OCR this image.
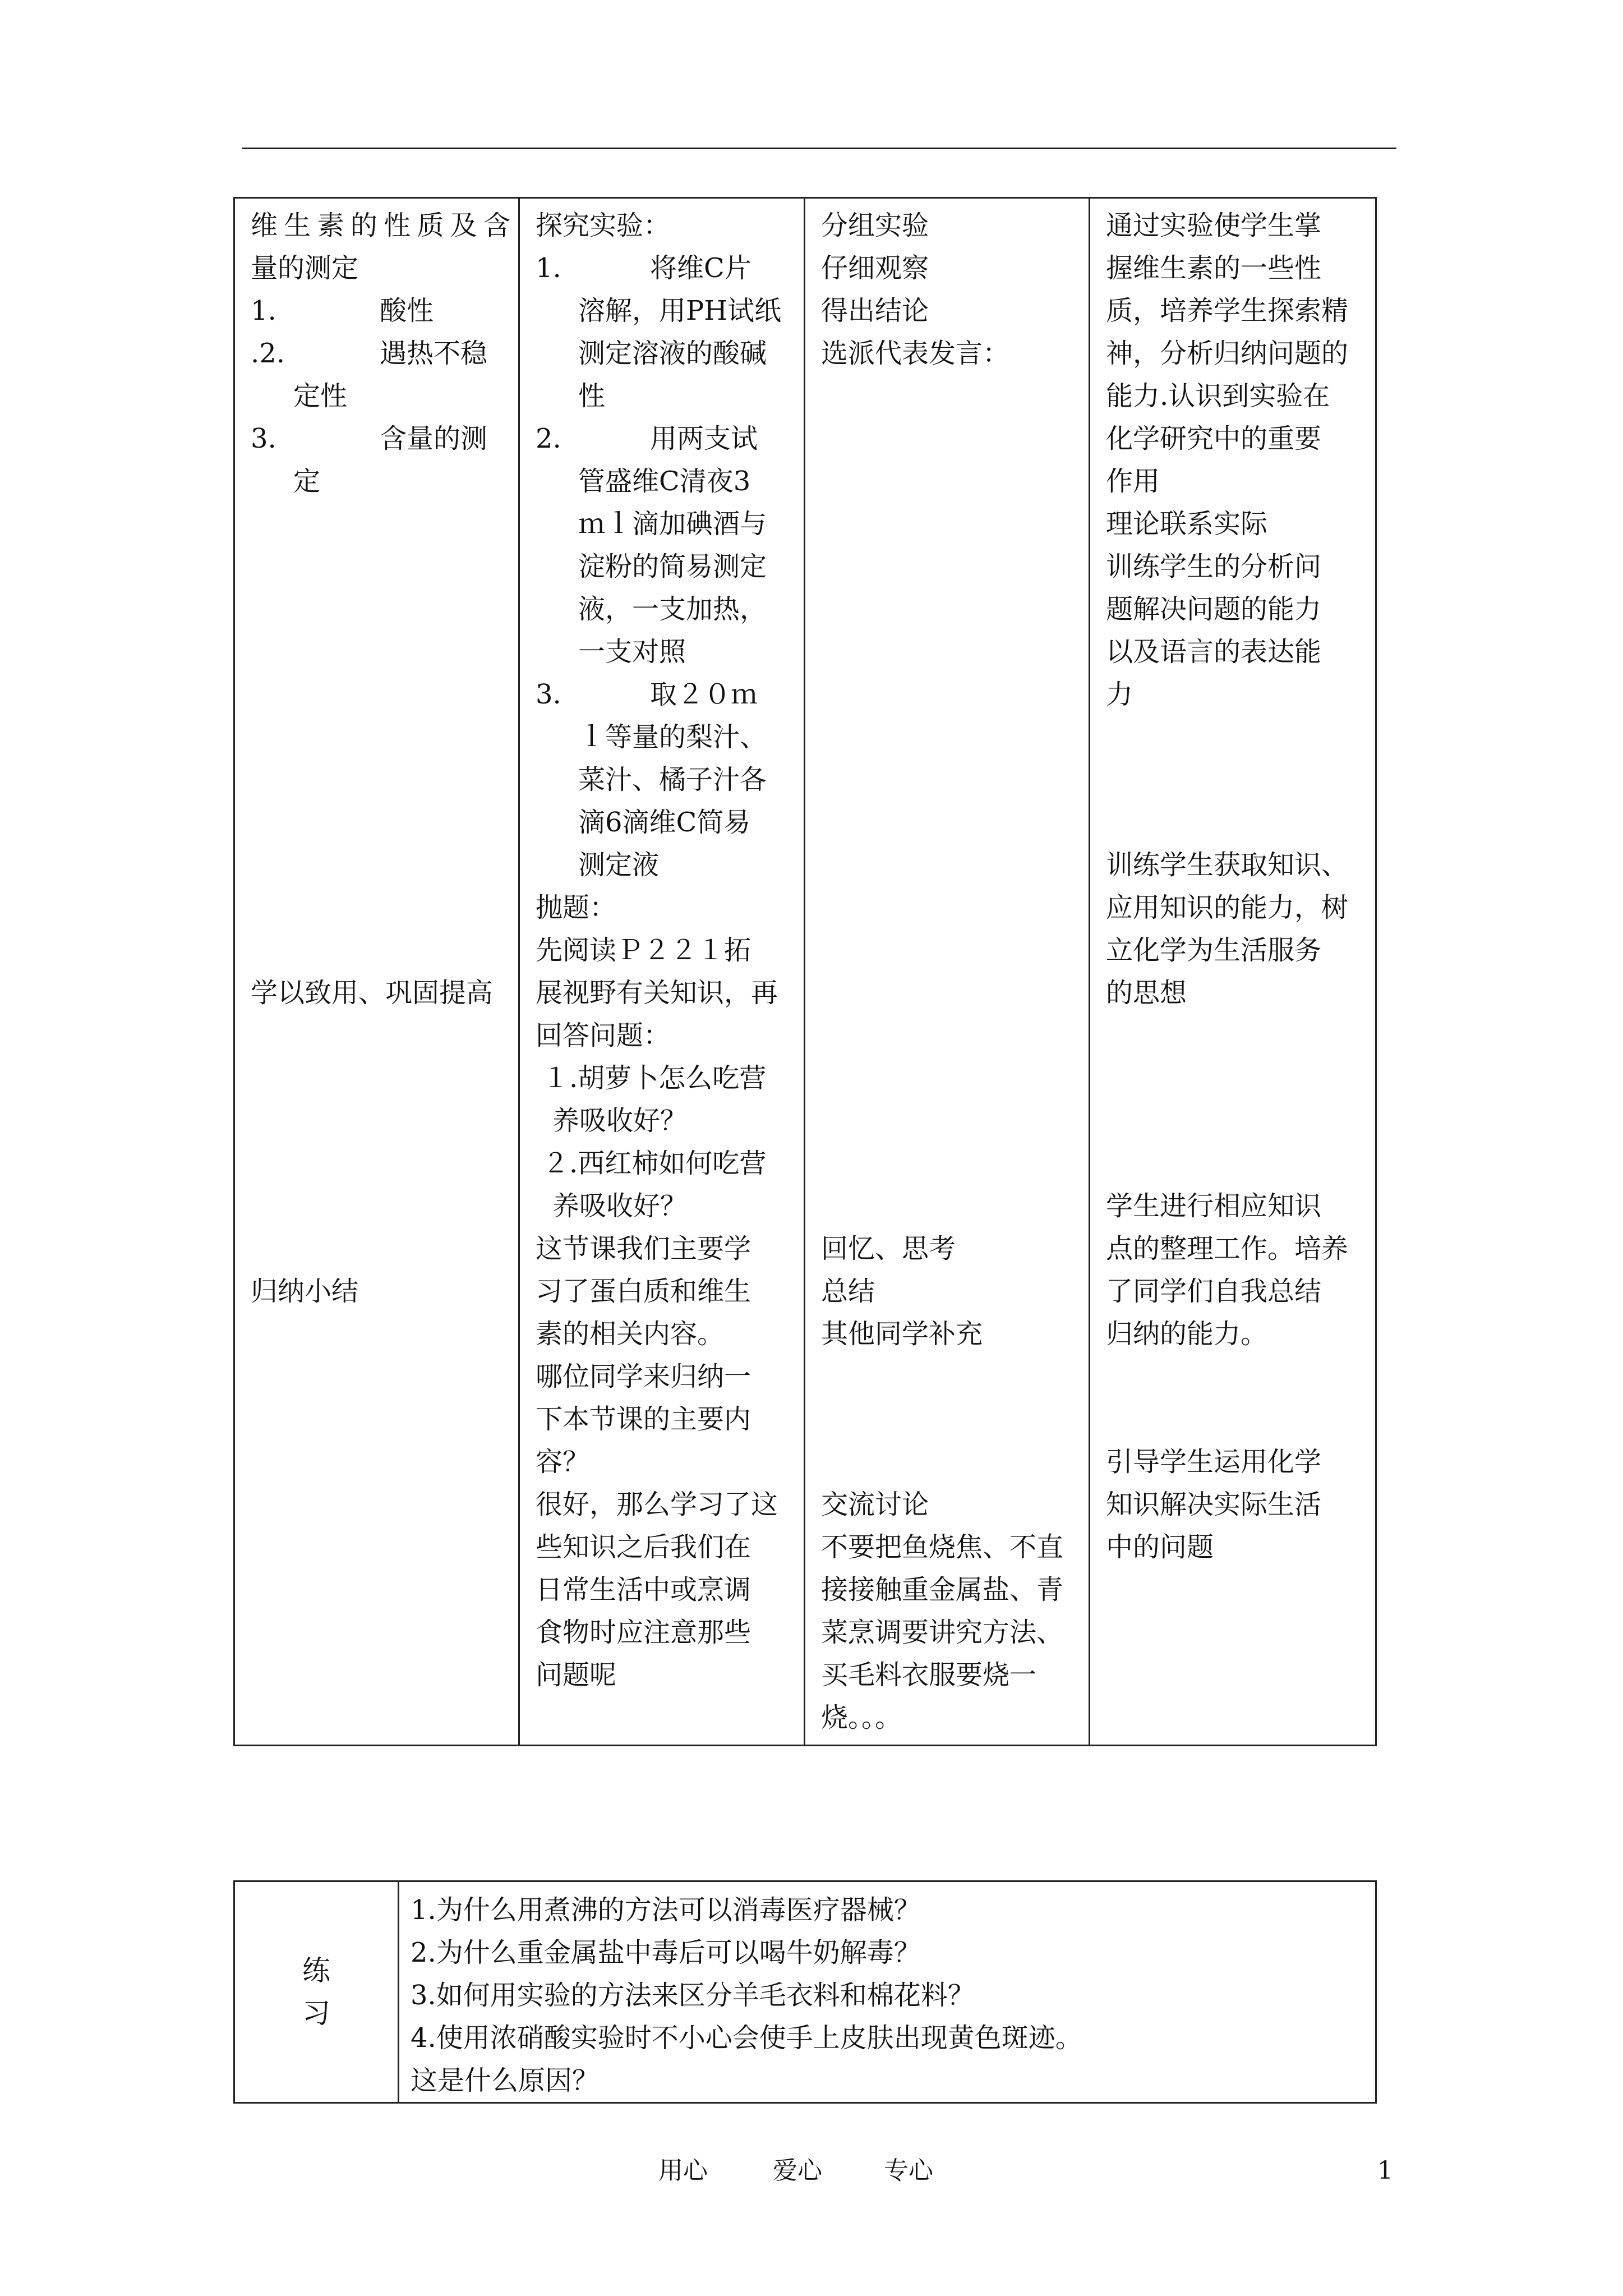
维生素的性质及含
量的测定
1.	酸性
.2.	遇热不稳
定性
3.	含量的测
定
学以致用、巩固提高
归纳小结

探究实验：
1.	将维C片
溶解，用PH试纸
测定溶液的酸碱
性
2.	用两支试
管盛维C清夜3
ｍｌ滴加碘酒与
淀粉的简易测定
液，一支加热，
一支对照
3.	取２０ｍ
ｌ等量的梨汁、
菜汁、橘子汁各
滴6滴维C简易
测定液
抛题：
先阅读Ｐ２２１拓
展视野有关知识，再
回答问题：
１.胡萝卜怎么吃营
养吸收好？
２.西红柿如何吃营
养吸收好？
这节课我们主要学
习了蛋白质和维生
素的相关内容。
哪位同学来归纳一
下本节课的主要内
容？
很好，那么学习了这
些知识之后我们在
日常生活中或烹调
食物时应注意那些
问题呢

分组实验
仔细观察
得出结论
选派代表发言：
回忆、思考
总结
其他同学补充
交流讨论
不要把鱼烧焦、不直
接接触重金属盐、青
菜烹调要讲究方法、
买毛料衣服要烧一
烧。。。

通过实验使学生掌
握维生素的一些性
质，培养学生探索精
神，分析归纳问题的
能力.认识到实验在
化学研究中的重要
作用
理论联系实际
训练学生的分析问
题解决问题的能力
以及语言的表达能
力
训练学生获取知识、
应用知识的能力，树
立化学为生活服务
的思想
学生进行相应知识
点的整理工作。培养
了同学们自我总结
归纳的能力。
引导学生运用化学
知识解决实际生活
中的问题
练
习

1.为什么用煮沸的方法可以消毒医疗器械？
2.为什么重金属盐中毒后可以喝牛奶解毒？
3.如何用实验的方法来区分羊毛衣料和棉花料？
4.使用浓硝酸实验时不小心会使手上皮肤出现黄色斑迹。
这是什么原因？
用心	爱心	专心	1
